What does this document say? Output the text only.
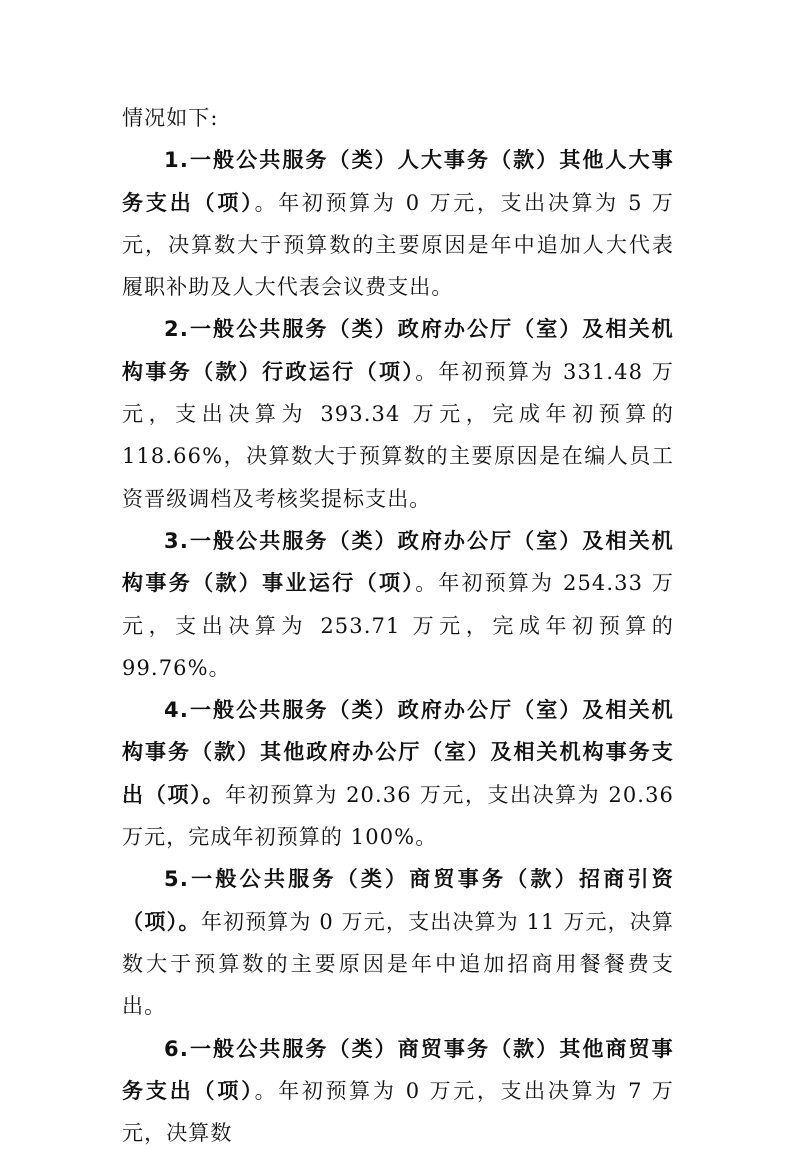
情况如下:

1.一般公共服务（类）人大事务（款）其他人大事务支出（项）。年初预算为 0 万元，支出决算为 5 万元，决算数大于预算数的主要原因是年中追加人大代表履职补助及人大代表会议费支出。

2.一般公共服务（类）政府办公厅（室）及相关机构事务（款）行政运行（项）。年初预算为 331.48 万元，支出决算为 393.34 万元，完成年初预算的 118.66%，决算数大于预算数的主要原因是在编人员工资晋级调档及考核奖提标支出。

3.一般公共服务（类）政府办公厅（室）及相关机构事务（款）事业运行（项）。年初预算为 254.33 万元，支出决算为 253.71 万元，完成年初预算的 99.76%。

4.一般公共服务（类）政府办公厅（室）及相关机构事务（款）其他政府办公厅（室）及相关机构事务支出（项）。年初预算为 20.36 万元，支出决算为 20.36 万元，完成年初预算的 100%。

5.一般公共服务（类）商贸事务（款）招商引资（项）。年初预算为 0 万元，支出决算为 11 万元，决算数大于预算数的主要原因是年中追加招商用餐餐费支出。

6.一般公共服务（类）商贸事务（款）其他商贸事务支出（项）。年初预算为 0 万元，支出决算为 7 万元，决算数
